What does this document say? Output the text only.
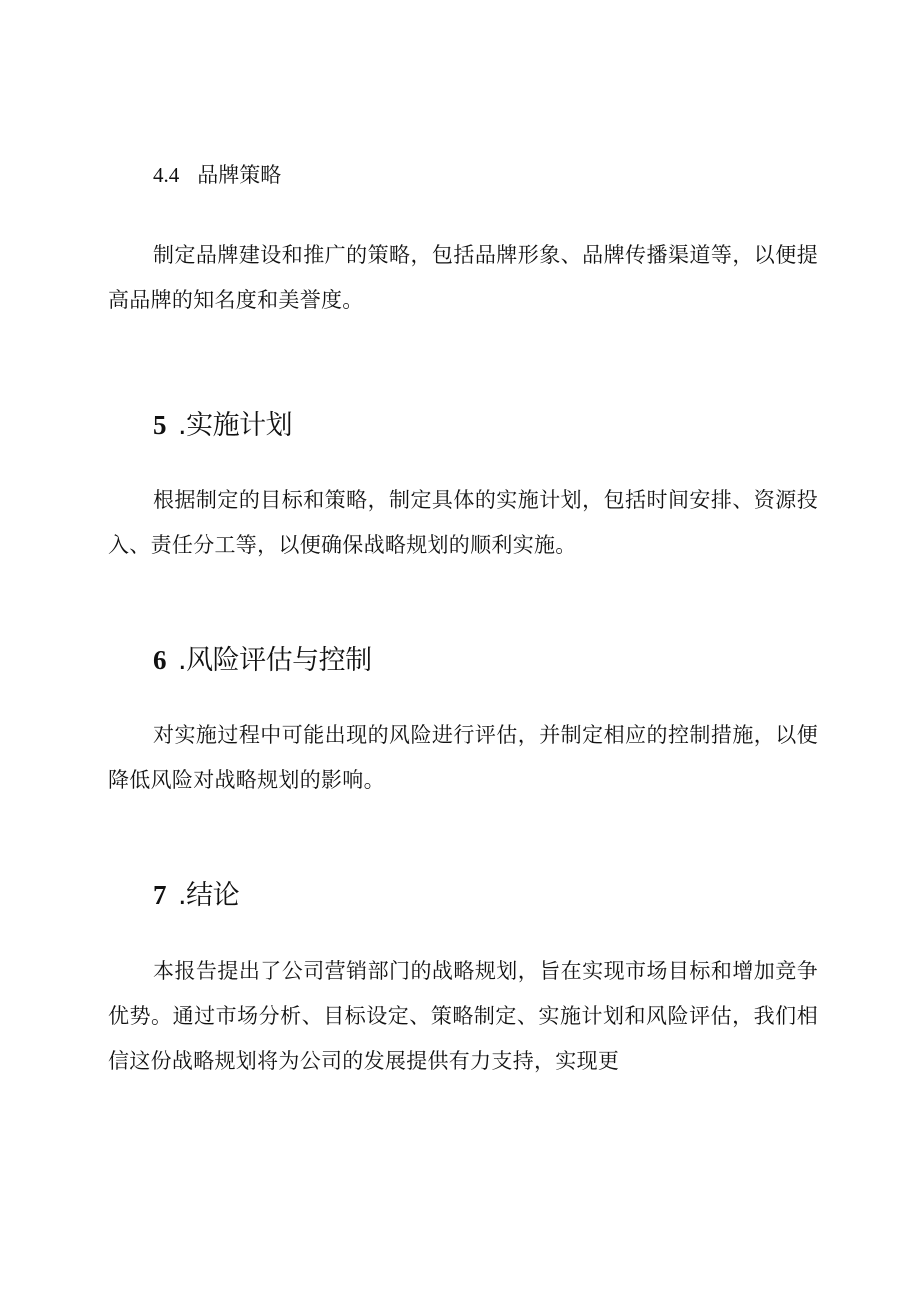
4.4 品牌策略
制定品牌建设和推广的策略，包括品牌形象、品牌传播渠道等，以便提高品牌的知名度和美誉度。
5 .实施计划
根据制定的目标和策略，制定具体的实施计划，包括时间安排、资源投入、责任分工等，以便确保战略规划的顺利实施。
6 .风险评估与控制
对实施过程中可能出现的风险进行评估，并制定相应的控制措施，以便降低风险对战略规划的影响。
7 .结论
本报告提出了公司营销部门的战略规划，旨在实现市场目标和增加竞争优势。通过市场分析、目标设定、策略制定、实施计划和风险评估，我们相信这份战略规划将为公司的发展提供有力支持，实现更
